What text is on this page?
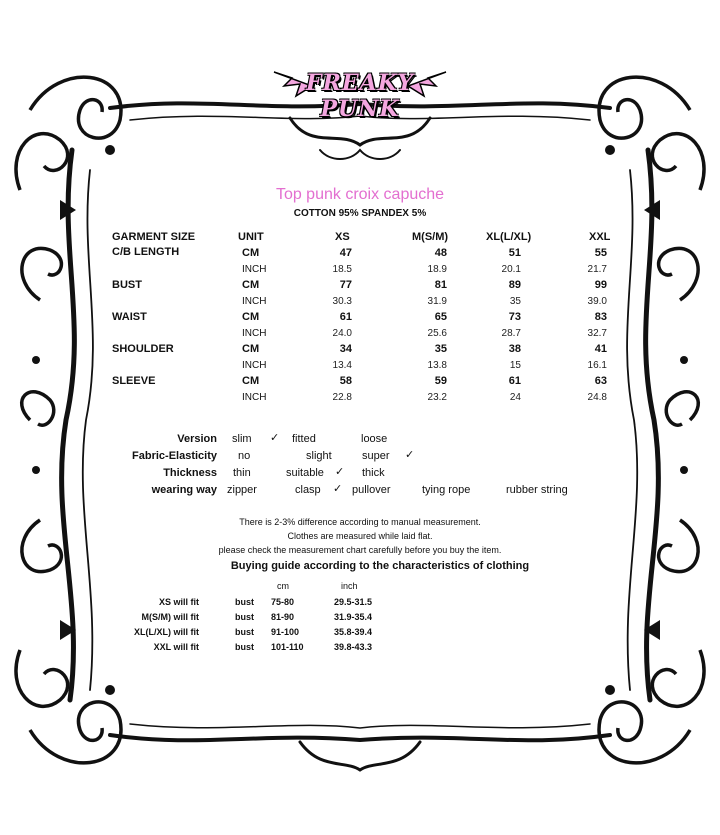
FREAKY PUNK
Top punk croix capuche
COTTON 95% SPANDEX 5%
GARMENT SIZE	UNIT	XS	M(S/M)	XL(L/XL)	XXL
C/B LENGTH	CM	47	48	51	55
INCH	18.5	18.9	20.1	21.7
BUST	CM	77	81	89	99
INCH	30.3	31.9	35	39.0
WAIST	CM	61	65	73	83
INCH	24.0	25.6	28.7	32.7
SHOULDER	CM	34	35	38	41
INCH	13.4	13.8	15	16.1
SLEEVE	CM	58	59	61	63
INCH	22.8	23.2	24	24.8
Version slim ✓ fitted	loose
Fabric-Elasticity no	slight	super ✓
Thickness thin	suitable ✓ thick
wearing way zipper	clasp ✓ pullover	tying rope	rubber string
There is 2-3% difference according to manual measurement.
Clothes are measured while laid flat.
please check the measurement chart carefully before you buy the item.
Buying guide according to the characteristics of clothing
cm	inch
XS will fit	bust 75-80	29.5-31.5
M(S/M) will fit	bust 81-90	31.9-35.4
XL(L/XL) will fit	bust 91-100	35.8-39.4
XXL will fit	bust 101-110	39.8-43.3
